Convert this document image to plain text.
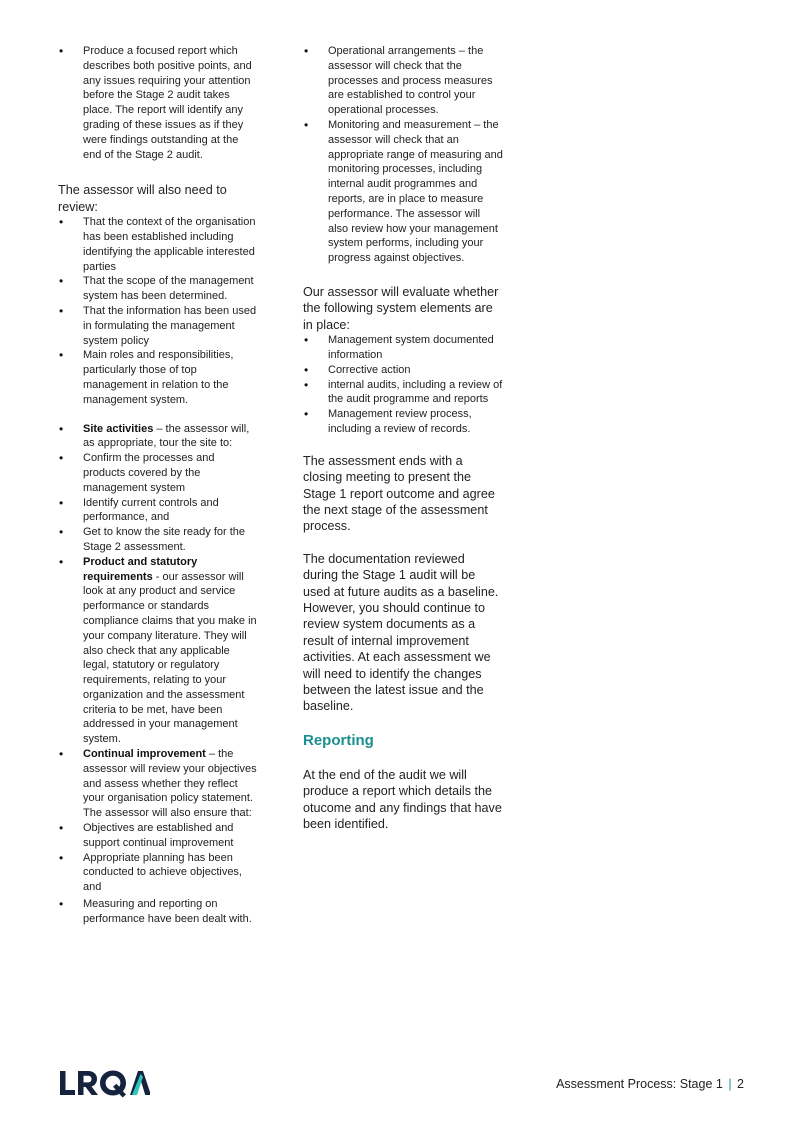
• Produce a focused report which describes both positive points, and any issues requiring your attention before the Stage 2 audit takes place. The report will identify any grading of these issues as if they were findings outstanding at the end of the Stage 2 audit.

The assessor will also need to review:

• That the context of the organisation has been established including identifying the applicable interested parties
• That the scope of the management system has been determined.
• That the information has been used in formulating the management system policy
• Main roles and responsibilities, particularly those of top management in relation to the management system.
• Site activities – the assessor will, as appropriate, tour the site to:
• Confirm the processes and products covered by the management system
• Identify current controls and performance, and
• Get to know the site ready for the Stage 2 assessment.
• Product and statutory requirements - our assessor will look at any product and service performance or standards compliance claims that you make in your company literature. They will also check that any applicable legal, statutory or regulatory requirements, relating to your organization and the assessment criteria to be met, have been addressed in your management system.
• Continual improvement – the assessor will review your objectives and assess whether they reflect your organisation policy statement. The assessor will also ensure that:
• Objectives are established and support continual improvement
• Appropriate planning has been conducted to achieve objectives, and
• Measuring and reporting on performance have been dealt with.
• Operational arrangements – the assessor will check that the processes and process measures are established to control your operational processes.
• Monitoring and measurement – the assessor will check that an appropriate range of measuring and monitoring processes, including internal audit programmes and reports, are in place to measure performance. The assessor will also review how your management system performs, including your progress against objectives.

Our assessor will evaluate whether the following system elements are in place:

• Management system documented information
• Corrective action
• internal audits, including a review of the audit programme and reports
• Management review process, including a review of records.

The assessment ends with a closing meeting to present the Stage 1 report outcome and agree the next stage of the assessment process.

The documentation reviewed during the Stage 1 audit will be used at future audits as a baseline. However, you should continue to review system documents as a result of internal improvement activities. At each assessment we will need to identify the changes between the latest issue and the baseline.

Reporting

At the end of the audit we will produce a report which details the otucome and any findings that have been identified.

Assessment Process: Stage 1 | 2
